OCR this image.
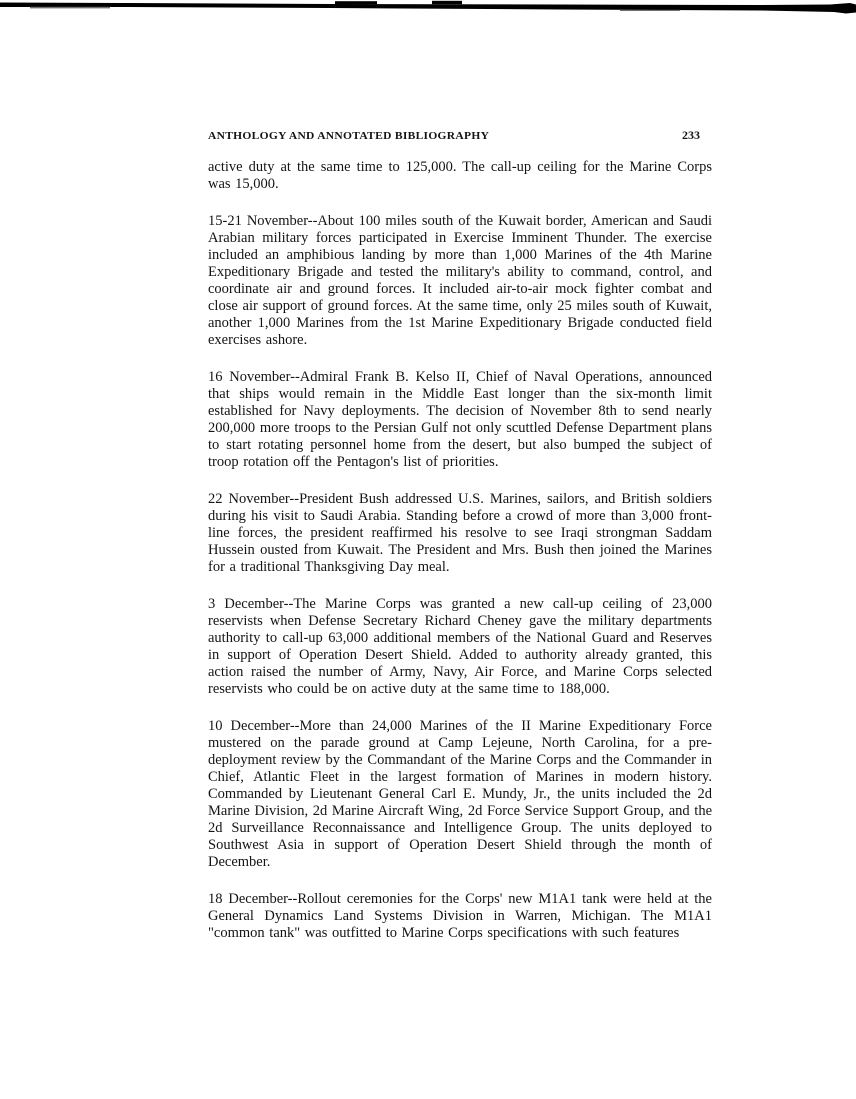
ANTHOLOGY AND ANNOTATED BIBLIOGRAPHY	233

active duty at the same time to 125,000. The call-up ceiling for the Marine Corps was 15,000.

15-21 November--About 100 miles south of the Kuwait border, American and Saudi Arabian military forces participated in Exercise Imminent Thunder. The exercise included an amphibious landing by more than 1,000 Marines of the 4th Marine Expeditionary Brigade and tested the military's ability to command, control, and coordinate air and ground forces. It included air-to-air mock fighter combat and close air support of ground forces. At the same time, only 25 miles south of Kuwait, another 1,000 Marines from the 1st Marine Expeditionary Brigade conducted field exercises ashore.

16 November--Admiral Frank B. Kelso II, Chief of Naval Operations, announced that ships would remain in the Middle East longer than the six-month limit established for Navy deployments. The decision of November 8th to send nearly 200,000 more troops to the Persian Gulf not only scuttled Defense Department plans to start rotating personnel home from the desert, but also bumped the subject of troop rotation off the Pentagon's list of priorities.

22 November--President Bush addressed U.S. Marines, sailors, and British soldiers during his visit to Saudi Arabia. Standing before a crowd of more than 3,000 front-line forces, the president reaffirmed his resolve to see Iraqi strongman Saddam Hussein ousted from Kuwait. The President and Mrs. Bush then joined the Marines for a traditional Thanksgiving Day meal.

3 December--The Marine Corps was granted a new call-up ceiling of 23,000 reservists when Defense Secretary Richard Cheney gave the military departments authority to call-up 63,000 additional members of the National Guard and Reserves in support of Operation Desert Shield. Added to authority already granted, this action raised the number of Army, Navy, Air Force, and Marine Corps selected reservists who could be on active duty at the same time to 188,000.

10 December--More than 24,000 Marines of the II Marine Expeditionary Force mustered on the parade ground at Camp Lejeune, North Carolina, for a pre-deployment review by the Commandant of the Marine Corps and the Commander in Chief, Atlantic Fleet in the largest formation of Marines in modern history. Commanded by Lieutenant General Carl E. Mundy, Jr., the units included the 2d Marine Division, 2d Marine Aircraft Wing, 2d Force Service Support Group, and the 2d Surveillance Reconnaissance and Intelligence Group. The units deployed to Southwest Asia in support of Operation Desert Shield through the month of December.

18 December--Rollout ceremonies for the Corps' new M1A1 tank were held at the General Dynamics Land Systems Division in Warren, Michigan. The M1A1 "common tank" was outfitted to Marine Corps specifications with such features
